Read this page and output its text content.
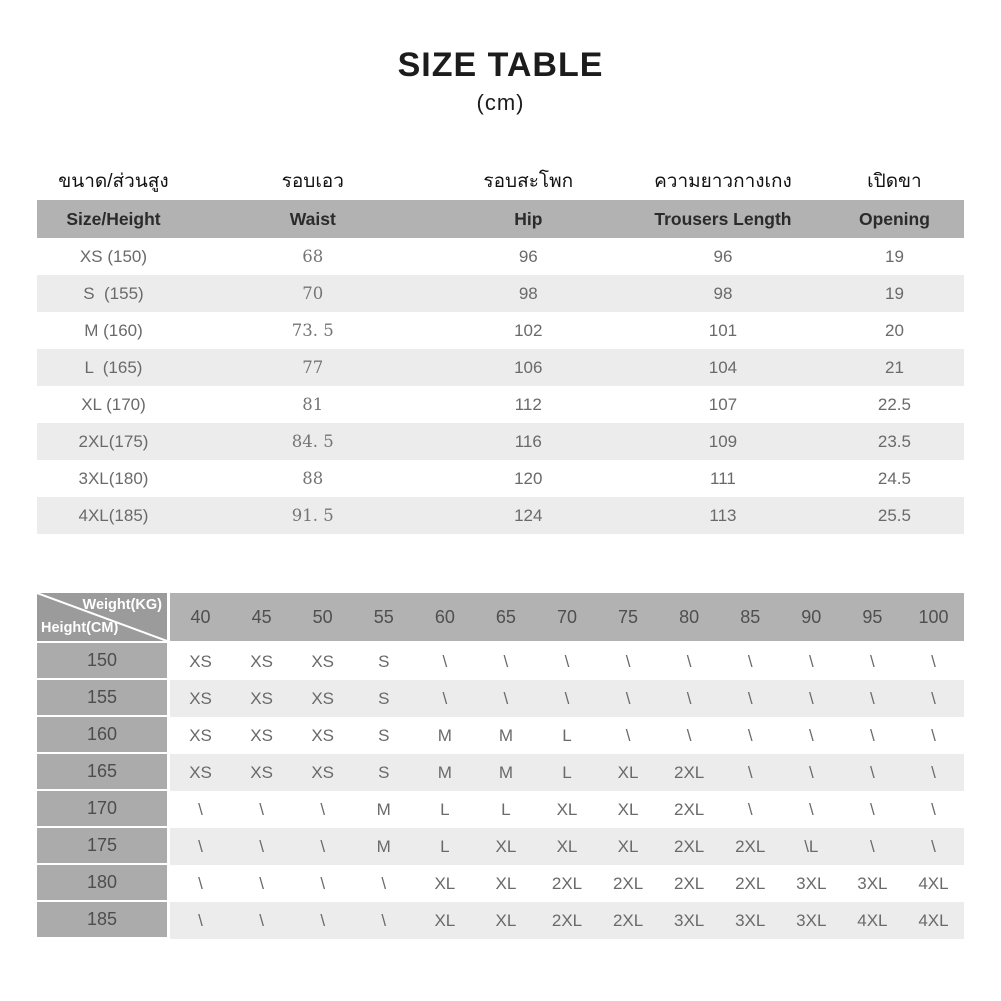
SIZE TABLE
(cm)
ขนาด/ส่วนสูง	รอบเอว	รอบสะโพก	ความยาวกางเกง	เปิดขา
Size/Height	Waist	Hip	Trousers Length	Opening
XS (150)	68	96	96	19
S  (155)	70	98	98	19
M (160)	73. 5	102	101	20
L  (165)	77	106	104	21
XL (170)	81	112	107	22.5
2XL(175)	84. 5	116	109	23.5
3XL(180)	88	120	111	24.5
4XL(185)	91. 5	124	113	25.5
Weight(KG)
Height(CM)
40	45	50	55	60	65	70	75	80	85	90	95	100
150	XS	XS	XS	S	\	\	\	\	\	\	\	\	\
155	XS	XS	XS	S	\	\	\	\	\	\	\	\	\
160	XS	XS	XS	S	M	M	L	\	\	\	\	\	\
165	XS	XS	XS	S	M	M	L	XL	2XL	\	\	\	\
170	\	\	\	M	L	L	XL	XL	2XL	\	\	\	\
175	\	\	\	M	L	XL	XL	XL	2XL	2XL	\L	\	\
180	\	\	\	\	XL	XL	2XL	2XL	2XL	2XL	3XL	3XL	4XL
185	\	\	\	\	XL	XL	2XL	2XL	3XL	3XL	3XL	4XL	4XL
